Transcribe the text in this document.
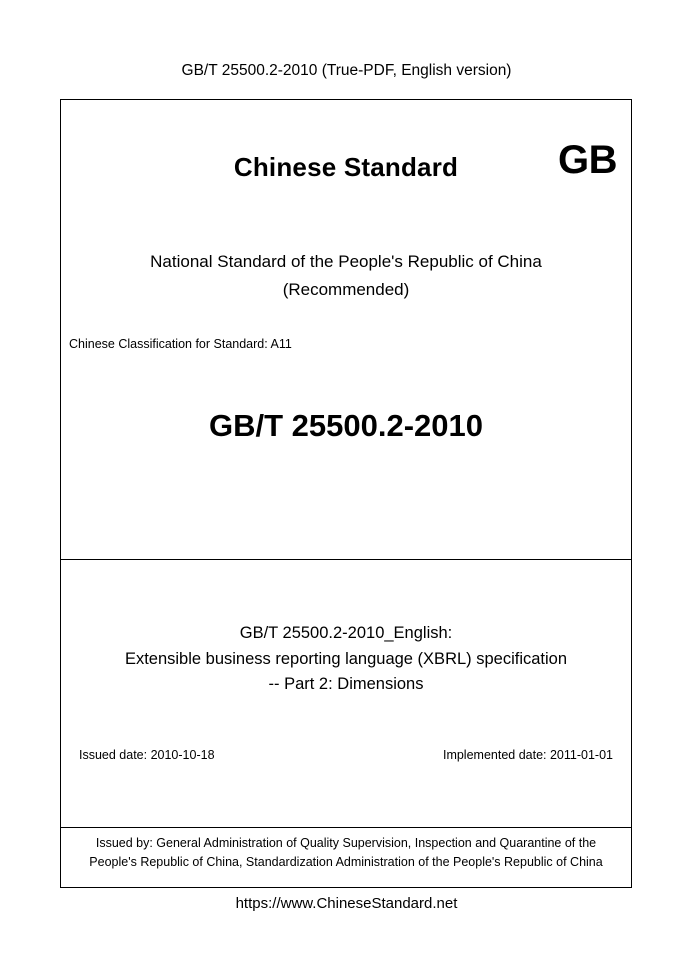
GB/T 25500.2-2010 (True-PDF, English version)
Chinese Standard	GB
National Standard of the People's Republic of China
(Recommended)
Chinese Classification for Standard: A11
GB/T 25500.2-2010
GB/T 25500.2-2010_English:
Extensible business reporting language (XBRL) specification
-- Part 2: Dimensions
Issued date: 2010-10-18	Implemented date: 2011-01-01
Issued by: General Administration of Quality Supervision, Inspection and Quarantine of the People's Republic of China, Standardization Administration of the People's Republic of China
https://www.ChineseStandard.net
